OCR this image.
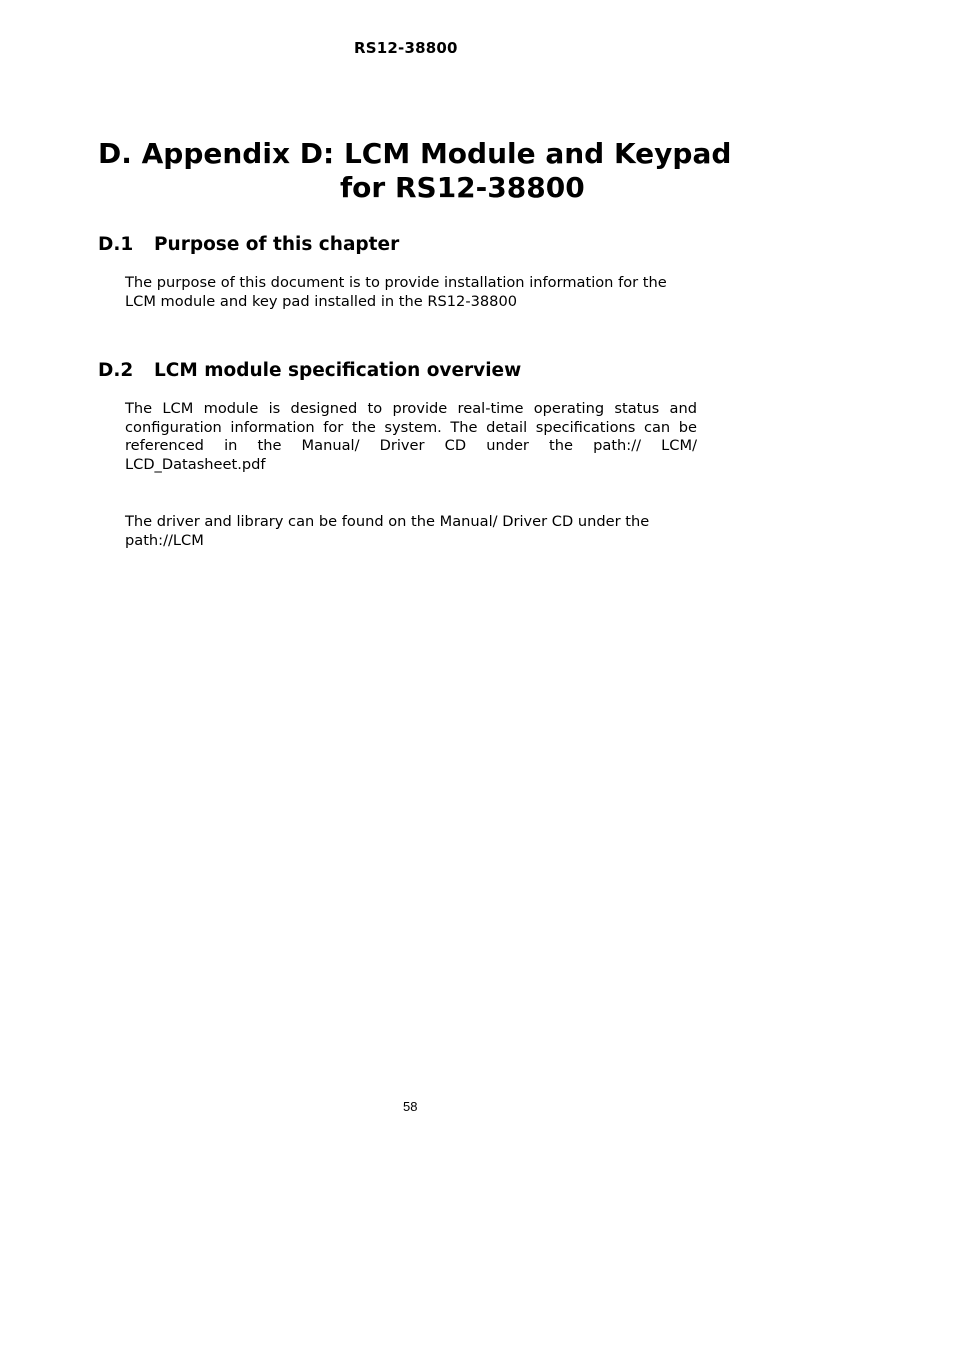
RS12-38800
D. Appendix D: LCM Module and Keypad
for RS12-38800
D.1 Purpose of this chapter

The purpose of this document is to provide installation information for the LCM module and key pad installed in the RS12-38800

D.2 LCM module specification overview

The LCM module is designed to provide real-time operating status and configuration information for the system. The detail specifications can be referenced in the Manual/ Driver CD under the path:// LCM/ LCD_Datasheet.pdf

The driver and library can be found on the Manual/ Driver CD under the path://LCM

58
